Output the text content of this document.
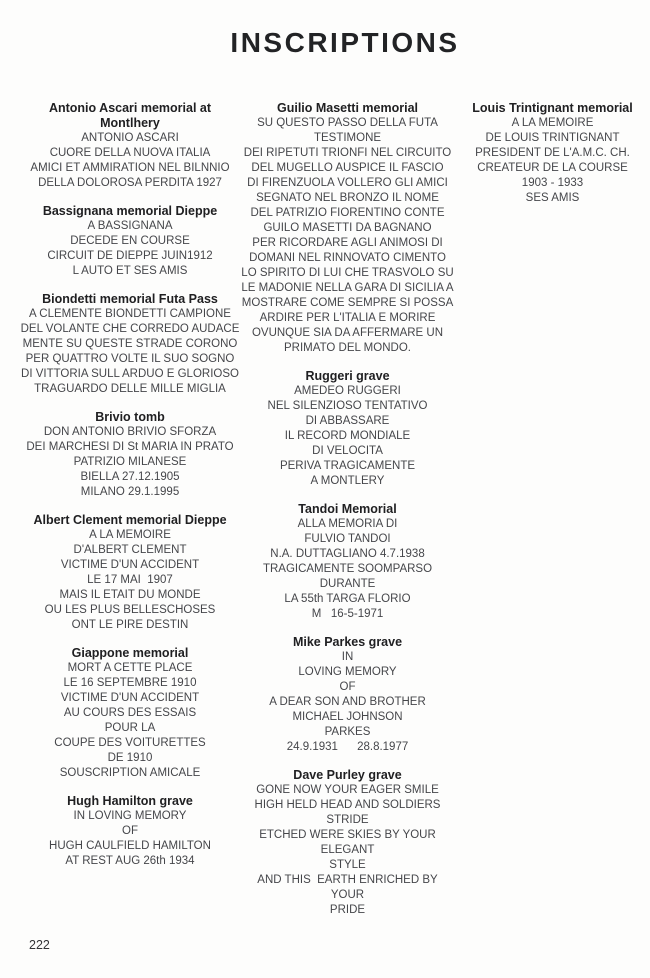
INSCRIPTIONS
Antonio Ascari memorial at Montlhery
ANTONIO ASCARI
CUORE DELLA NUOVA ITALIA
AMICI ET AMMIRATION NEL BILNNIO
DELLA DOLOROSA PERDITA 1927
Bassignana memorial Dieppe
A BASSIGNANA
DECEDE EN COURSE
CIRCUIT DE DIEPPE JUIN1912
L AUTO ET SES AMIS
Biondetti memorial Futa Pass
A CLEMENTE BIONDETTI CAMPIONE
DEL VOLANTE CHE CORREDO AUDACE
MENTE SU QUESTE STRADE CORONO
PER QUATTRO VOLTE IL SUO SOGNO
DI VITTORIA SULL ARDUO E GLORIOSO
TRAGUARDO DELLE MILLE MIGLIA
Brivio tomb
DON ANTONIO BRIVIO SFORZA
DEI MARCHESI DI St MARIA IN PRATO
PATRIZIO MILANESE
BIELLA 27.12.1905
MILANO 29.1.1995
Albert Clement memorial Dieppe
A LA MEMOIRE
D'ALBERT CLEMENT
VICTIME D'UN ACCIDENT
LE 17 MAI  1907
MAIS IL ETAIT DU MONDE
OU LES PLUS BELLESCHOSES
ONT LE PIRE DESTIN
Giappone memorial
MORT A CETTE PLACE
LE 16 SEPTEMBRE 1910
VICTIME D'UN ACCIDENT
AU COURS DES ESSAIS
POUR LA
COUPE DES VOITURETTES
DE 1910
SOUSCRIPTION AMICALE
Hugh Hamilton grave
IN LOVING MEMORY
OF
HUGH CAULFIELD HAMILTON
AT REST AUG 26th 1934
Guilio Masetti memorial
SU QUESTO PASSO DELLA FUTA
TESTIMONE
DEI RIPETUTI TRIONFI NEL CIRCUITO
DEL MUGELLO AUSPICE IL FASCIO
DI FIRENZUOLA VOLLERO GLI AMICI
SEGNATO NEL BRONZO IL NOME
DEL PATRIZIO FIORENTINO CONTE
GUILO MASETTI DA BAGNANO
PER RICORDARE AGLI ANIMOSI DI
DOMANI NEL RINNOVATO CIMENTO
LO SPIRITO DI LUI CHE TRASVOLO SU
LE MADONIE NELLA GARA DI SICILIA A
MOSTRARE COME SEMPRE SI POSSA
ARDIRE PER L'ITALIA E MORIRE
OVUNQUE SIA DA AFFERMARE UN
PRIMATO DEL MONDO.
Ruggeri grave
AMEDEO RUGGERI
NEL SILENZIOSO TENTATIVO
DI ABBASSARE
IL RECORD MONDIALE
DI VELOCITA
PERIVA TRAGICAMENTE
A MONTLERY
Tandoi Memorial
ALLA MEMORIA DI
FULVIO TANDOI
N.A. DUTTAGLIANO 4.7.1938
TRAGICAMENTE SOOMPARSO
DURANTE
LA 55th TARGA FLORIO
M   16-5-1971
Mike Parkes grave
IN
LOVING MEMORY
OF
A DEAR SON AND BROTHER
MICHAEL JOHNSON
PARKES
24.9.1931      28.8.1977
Dave Purley grave
GONE NOW YOUR EAGER SMILE
HIGH HELD HEAD AND SOLDIERS STRIDE
ETCHED WERE SKIES BY YOUR ELEGANT
STYLE
AND THIS  EARTH ENRICHED BY YOUR
PRIDE
Louis Trintignant memorial
A LA MEMOIRE
DE LOUIS TRINTIGNANT
PRESIDENT DE L'A.M.C. CH.
CREATEUR DE LA COURSE
1903 - 1933
SES AMIS
222
